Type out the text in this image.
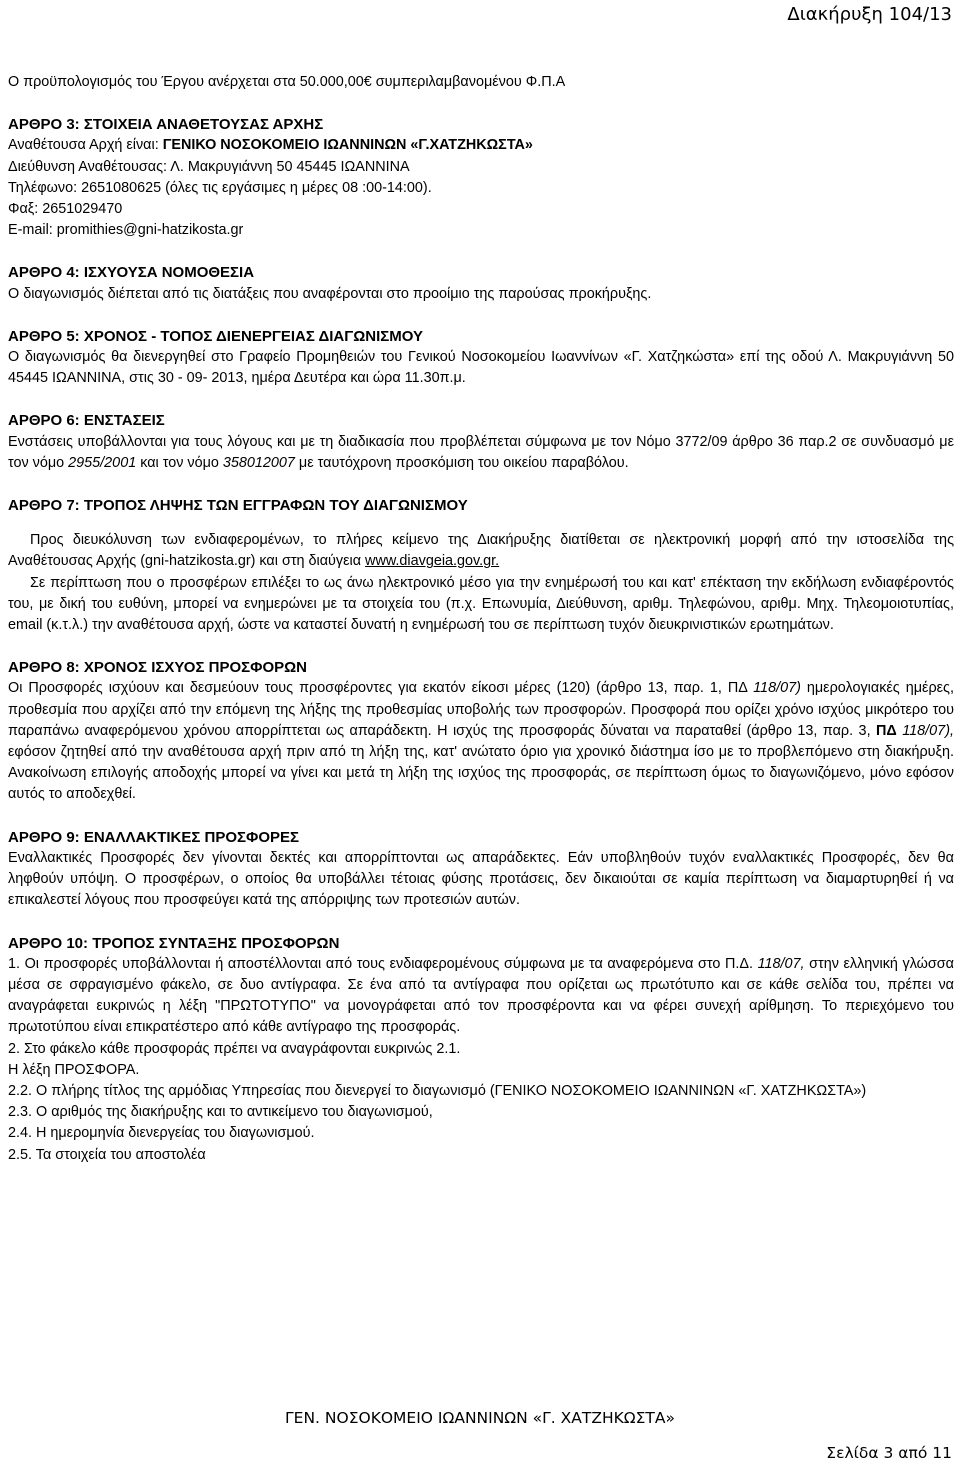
Διακήρυξη 104/13

Ο προϋπολογισμός του Έργου ανέρχεται στα 50.000,00€ συμπεριλαμβανομένου Φ.Π.Α

ΑΡΘΡΟ 3: ΣΤΟΙΧΕΙΑ ΑΝΑΘΕΤΟΥΣΑΣ ΑΡΧΗΣ

Αναθέτουσα Αρχή είναι: ΓΕΝΙΚΟ ΝΟΣΟΚΟΜΕΙΟ ΙΩΑΝΝΙΝΩΝ «Γ.ΧΑΤΖΗΚΩΣΤΑ»

Διεύθυνση Αναθέτουσας: Λ. Μακρυγιάννη 50 45445 ΙΩΑΝΝΙΝΑ

Τηλέφωνο: 2651080625 (όλες τις εργάσιμες η μέρες 08 :00-14:00).

Φαξ: 2651029470

E-mail: promithies@gni-hatzikosta.gr

ΑΡΘΡΟ 4: ΙΣΧΥΟΥΣΑ ΝΟΜΟΘΕΣΙΑ

Ο διαγωνισμός διέπεται από τις διατάξεις που αναφέρονται στο προοίμιο της παρούσας προκήρυξης.

ΑΡΘΡΟ 5: ΧΡΟΝΟΣ - ΤΟΠΟΣ ΔΙΕΝΕΡΓΕΙΑΣ ΔΙΑΓΩΝΙΣΜΟΥ

Ο διαγωνισμός θα διενεργηθεί στο Γραφείο Προμηθειών του Γενικού Νοσοκομείου Ιωαννίνων «Γ. Χατζηκώστα» επί της οδού Λ. Μακρυγιάννη 50 45445 ΙΩΑΝΝΙΝΑ, στις 30 - 09- 2013, ημέρα Δευτέρα και ώρα 11.30π.μ.

ΑΡΘΡΟ 6: ΕΝΣΤΑΣΕΙΣ

Ενστάσεις υποβάλλονται για τους λόγους και με τη διαδικασία που προβλέπεται σύμφωνα με τον Νόμο 3772/09 άρθρο 36 παρ.2 σε συνδυασμό με τον νόμο 2955/2001 και τον νόμο 358012007 με ταυτόχρονη προσκόμιση του οικείου παραβόλου.

ΑΡΘΡΟ 7: ΤΡΟΠΟΣ ΛΗΨΗΣ ΤΩΝ ΕΓΓΡΑΦΩΝ ΤΟΥ ΔΙΑΓΩΝΙΣΜΟΥ

Προς διευκόλυνση των ενδιαφερομένων, το πλήρες κείμενο της Διακήρυξης διατίθεται σε ηλεκτρονική μορφή από την ιστοσελίδα της Αναθέτουσας Αρχής (gni-hatzikosta.gr) και στη διαύγεια www.diavgeia.gov.gr.

Σε περίπτωση που ο προσφέρων επιλέξει το ως άνω ηλεκτρονικό μέσο για την ενημέρωσή του και κατ' επέκταση την εκδήλωση ενδιαφέροντός του, με δική του ευθύνη, μπορεί να ενημερώνει με τα στοιχεία του (π.χ. Επωνυμία, Διεύθυνση, αριθμ. Τηλεφώνου, αριθμ. Μηχ. Τηλεομοιοτυπίας, email (κ.τ.λ.) την αναθέτουσα αρχή, ώστε να καταστεί δυνατή η ενημέρωσή του σε περίπτωση τυχόν διευκρινιστικών ερωτημάτων.

ΑΡΘΡΟ 8: ΧΡΟΝΟΣ ΙΣΧΥΟΣ ΠΡΟΣΦΟΡΩΝ

Οι Προσφορές ισχύουν και δεσμεύουν τους προσφέροντες για εκατόν είκοσι μέρες (120) (άρθρο 13, παρ. 1, ΠΔ 118/07) ημερολογιακές ημέρες, προθεσμία που αρχίζει από την επόμενη της λήξης της προθεσμίας υποβολής των προσφορών. Προσφορά που ορίζει χρόνο ισχύος μικρότερο του παραπάνω αναφερόμενου χρόνου απορρίπτεται ως απαράδεκτη. Η ισχύς της προσφοράς δύναται να παραταθεί (άρθρο 13, παρ. 3, ΠΔ 118/07), εφόσον ζητηθεί από την αναθέτουσα αρχή πριν από τη λήξη της, κατ' ανώτατο όριο για χρονικό διάστημα ίσο με το προβλεπόμενο στη διακήρυξη. Ανακοίνωση επιλογής αποδοχής μπορεί να γίνει και μετά τη λήξη της ισχύος της προσφοράς, σε περίπτωση όμως το διαγωνιζόμενο, μόνο εφόσον αυτός το αποδεχθεί.

ΑΡΘΡΟ 9: ΕΝΑΛΛΑΚΤΙΚΕΣ ΠΡΟΣΦΟΡΕΣ

Εναλλακτικές Προσφορές δεν γίνονται δεκτές και απορρίπτονται ως απαράδεκτες. Εάν υποβληθούν τυχόν εναλλακτικές Προσφορές, δεν θα ληφθούν υπόψη. Ο προσφέρων, ο οποίος θα υποβάλλει τέτοιας φύσης προτάσεις, δεν δικαιούται σε καμία περίπτωση να διαμαρτυρηθεί ή να επικαλεστεί λόγους που προσφεύγει κατά της απόρριψης των προτεσιών αυτών.

ΑΡΘΡΟ 10: ΤΡΟΠΟΣ ΣΥΝΤΑΞΗΣ ΠΡΟΣΦΟΡΩΝ

1. Οι προσφορές υποβάλλονται ή αποστέλλονται από τους ενδιαφερομένους σύμφωνα με τα αναφερόμενα στο Π.Δ. 118/07, στην ελληνική γλώσσα μέσα σε σφραγισμένο φάκελο, σε δυο αντίγραφα. Σε ένα από τα αντίγραφα που ορίζεται ως πρωτότυπο και σε κάθε σελίδα του, πρέπει να αναγράφεται ευκρινώς η λέξη "ΠΡΩΤΟΤΥΠΟ" να μονογράφεται από τον προσφέροντα και να φέρει συνεχή αρίθμηση. Το περιεχόμενο του πρωτοτύπου είναι επικρατέστερο από κάθε αντίγραφο της προσφοράς.

2. Στο φάκελο κάθε προσφοράς πρέπει να αναγράφονται ευκρινώς 2.1.

Η λέξη ΠΡΟΣΦΟΡΑ.

2.2. Ο πλήρης τίτλος της αρμόδιας Υπηρεσίας που διενεργεί το διαγωνισμό (ΓΕΝΙΚΟ ΝΟΣΟΚΟΜΕΙΟ ΙΩΑΝΝΙΝΩΝ «Γ. ΧΑΤΖΗΚΩΣΤΑ»)

2.3. Ο αριθμός της διακήρυξης και το αντικείμενο του διαγωνισμού,

2.4. Η ημερομηνία διενεργείας του διαγωνισμού.

2.5. Τα στοιχεία του αποστολέα

ΓΕΝ. ΝΟΣΟΚΟΜΕΙΟ ΙΩΑΝΝΙΝΩΝ «Γ. ΧΑΤΖΗΚΩΣΤΑ»
Σελίδα 3 από 11
